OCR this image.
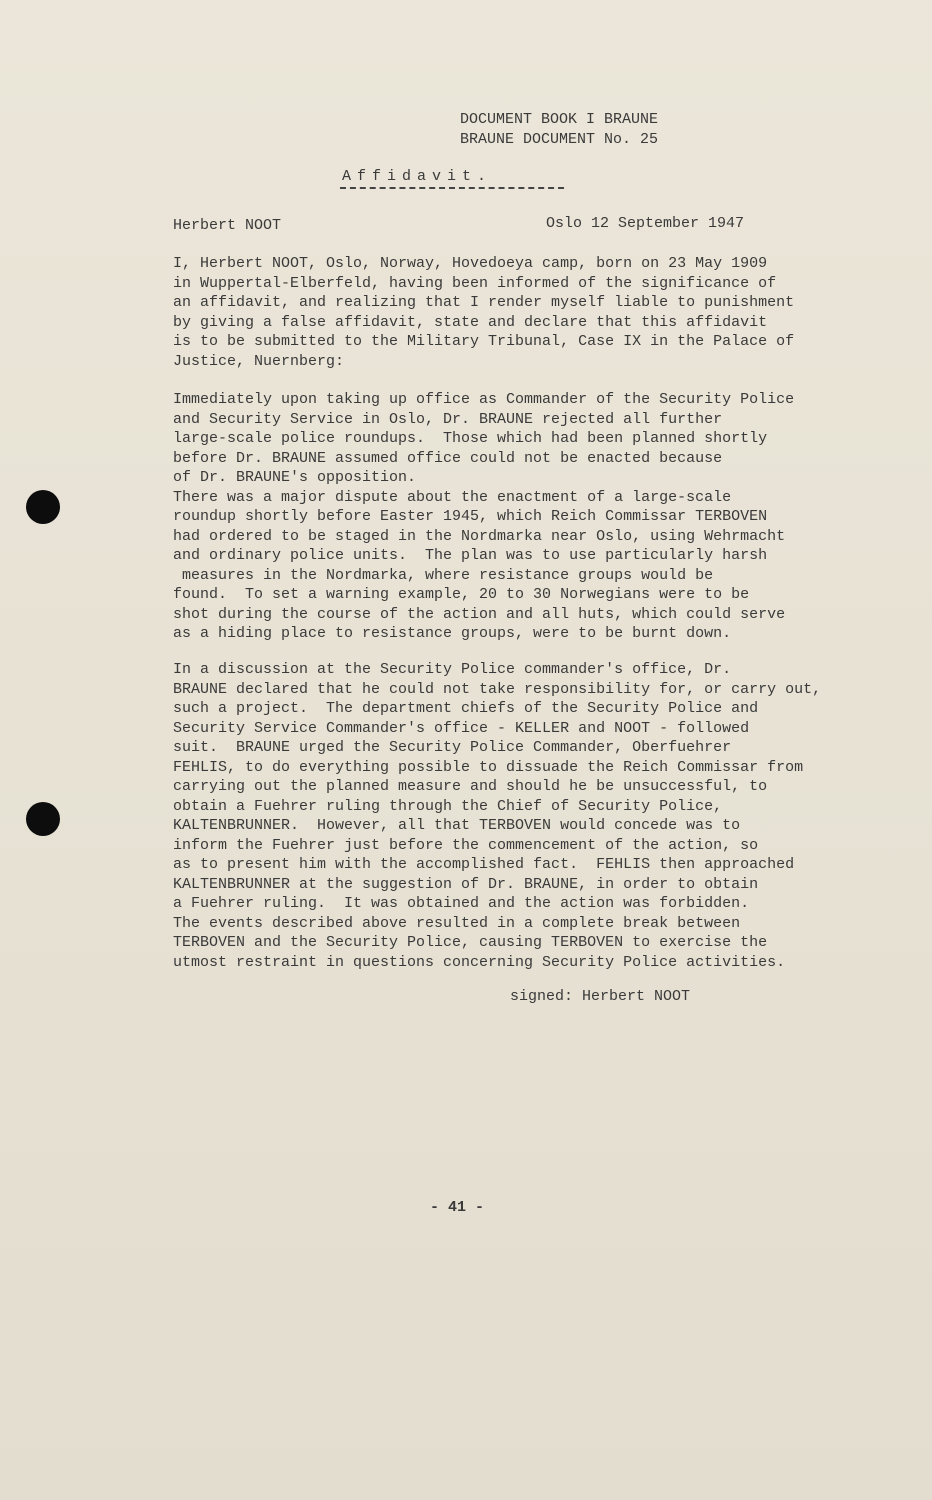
DOCUMENT BOOK I BRAUNE
BRAUNE DOCUMENT No. 25
Affidavit.
Herbert NOOT	Oslo 12 September 1947
I, Herbert NOOT, Oslo, Norway, Hovedoeya camp, born on 23 May 1909
in Wuppertal-Elberfeld, having been informed of the significance of
an affidavit, and realizing that I render myself liable to punishment
by giving a false affidavit, state and declare that this affidavit
is to be submitted to the Military Tribunal, Case IX in the Palace of
Justice, Nuernberg:
Immediately upon taking up office as Commander of the Security Police
and Security Service in Oslo, Dr. BRAUNE rejected all further
large-scale police roundups.  Those which had been planned shortly
before Dr. BRAUNE assumed office could not be enacted because
of Dr. BRAUNE's opposition.
There was a major dispute about the enactment of a large-scale
roundup shortly before Easter 1945, which Reich Commissar TERBOVEN
had ordered to be staged in the Nordmarka near Oslo, using Wehrmacht
and ordinary police units.  The plan was to use particularly harsh
measures in the Nordmarka, where resistance groups would be
found.  To set a warning example, 20 to 30 Norwegians were to be
shot during the course of the action and all huts, which could serve
as a hiding place to resistance groups, were to be burnt down.
In a discussion at the Security Police commander's office, Dr.
BRAUNE declared that he could not take responsibility for, or carry out,
such a project.  The department chiefs of the Security Police and
Security Service Commander's office - KELLER and NOOT - followed
suit.  BRAUNE urged the Security Police Commander, Oberfuehrer
FEHLIS, to do everything possible to dissuade the Reich Commissar from
carrying out the planned measure and should he be unsuccessful, to
obtain a Fuehrer ruling through the Chief of Security Police,
KALTENBRUNNER.  However, all that TERBOVEN would concede was to
inform the Fuehrer just before the commencement of the action, so
as to present him with the accomplished fact.  FEHLIS then approached
KALTENBRUNNER at the suggestion of Dr. BRAUNE, in order to obtain
a Fuehrer ruling.  It was obtained and the action was forbidden.
The events described above resulted in a complete break between
TERBOVEN and the Security Police, causing TERBOVEN to exercise the
utmost restraint in questions concerning Security Police activities.
signed: Herbert NOOT
- 41 -
